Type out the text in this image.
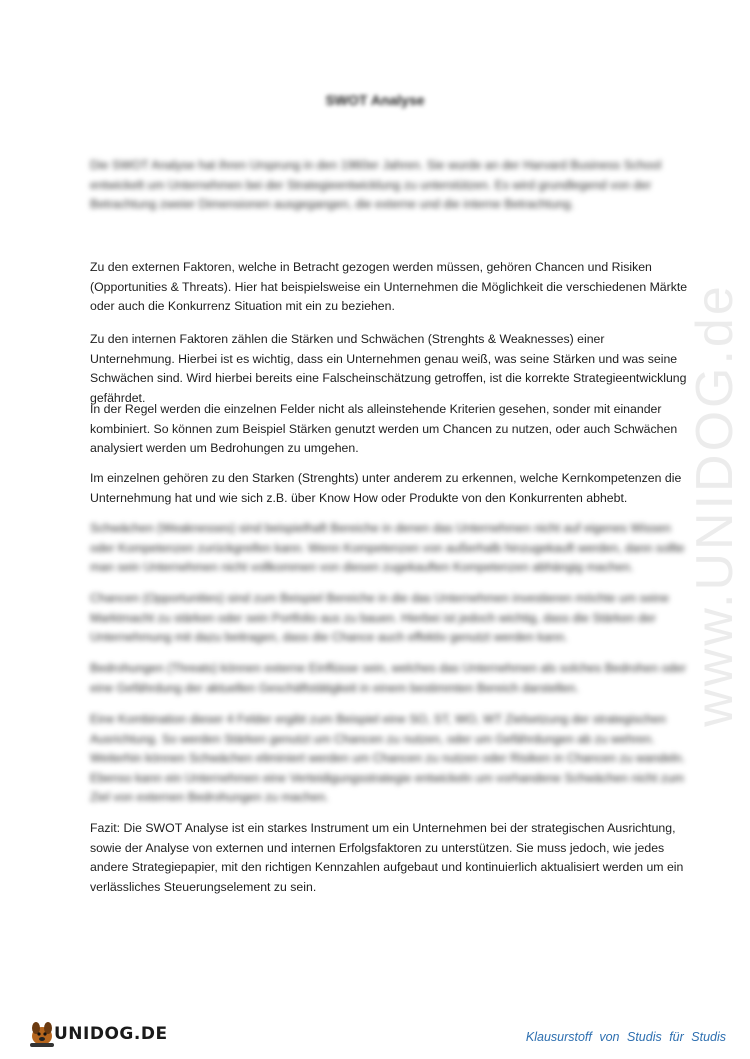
www.UNIDOG.de
SWOT Analyse

Die SWOT Analyse hat ihren Ursprung in den 1960er Jahren. Sie wurde an der Harvard Business School entwickelt um Unternehmen bei der Strategieentwicklung zu unterstützen. Es wird grundlegend von der Betrachtung zweier Dimensionen ausgegangen, die externe und die interne Betrachtung.

Zu den externen Faktoren, welche in Betracht gezogen werden müssen, gehören Chancen und Risiken (Opportunities & Threats). Hier hat beispielsweise ein Unternehmen die Möglichkeit die verschiedenen Märkte oder auch die Konkurrenz Situation mit ein zu beziehen.

Zu den internen Faktoren zählen die Stärken und Schwächen (Strenghts & Weaknesses) einer Unternehmung. Hierbei ist es wichtig, dass ein Unternehmen genau weiß, was seine Stärken und was seine Schwächen sind. Wird hierbei bereits eine Falscheinschätzung getroffen, ist die korrekte Strategieentwicklung gefährdet.

In der Regel werden die einzelnen Felder nicht als alleinstehende Kriterien gesehen, sonder mit einander kombiniert. So können zum Beispiel Stärken genutzt werden um Chancen zu nutzen, oder auch Schwächen analysiert werden um Bedrohungen zu umgehen.

Im einzelnen gehören zu den Starken (Strenghts) unter anderem zu erkennen, welche Kernkompetenzen die Unternehmung hat und wie sich z.B. über Know How oder Produkte von den Konkurrenten abhebt.

Schwächen (Weaknesses) sind beispielhaft Bereiche in denen das Unternehmen nicht auf eigenes Wissen oder Kompetenzen zurückgreifen kann. Wenn Kompetenzen von außerhalb hinzugekauft werden, dann sollte man sein Unternehmen nicht vollkommen von diesen zugekauften Kompetenzen abhängig machen.

Chancen (Opportunities) sind zum Beispiel Bereiche in die das Unternehmen investieren möchte um seine Marktmacht zu stärken oder sein Portfolio aus zu bauen. Hierbei ist jedoch wichtig, dass die Stärken der Unternehmung mit dazu beitragen, dass die Chance auch effektiv genutzt werden kann.

Bedrohungen (Threats) können externe Einflüsse sein, welches das Unternehmen als solches Bedrohen oder eine Gefährdung der aktuellen Geschäftstätigkeit in einem bestimmten Bereich darstellen.

Eine Kombination dieser 4 Felder ergibt zum Beispiel eine SO, ST, WO, WT Zielsetzung der strategischen Ausrichtung. So werden Stärken genutzt um Chancen zu nutzen, oder um Gefährdungen ab zu wehren. Weiterhin können Schwächen eliminiert werden um Chancen zu nutzen oder Risiken in Chancen zu wandeln. Ebenso kann ein Unternehmen eine Verteidigungsstrategie entwickeln um vorhandene Schwächen nicht zum Ziel von externen Bedrohungen zu machen.

Fazit: Die SWOT Analyse ist ein starkes Instrument um ein Unternehmen bei der strategischen Ausrichtung, sowie der Analyse von externen und internen Erfolgsfaktoren zu unterstützen. Sie muss jedoch, wie jedes andere Strategiepapier, mit den richtigen Kennzahlen aufgebaut und kontinuierlich aktualisiert werden um ein verlässliches Steuerungselement zu sein.

UNIDOG.DE	Klausurstoff von Studis für Studis
